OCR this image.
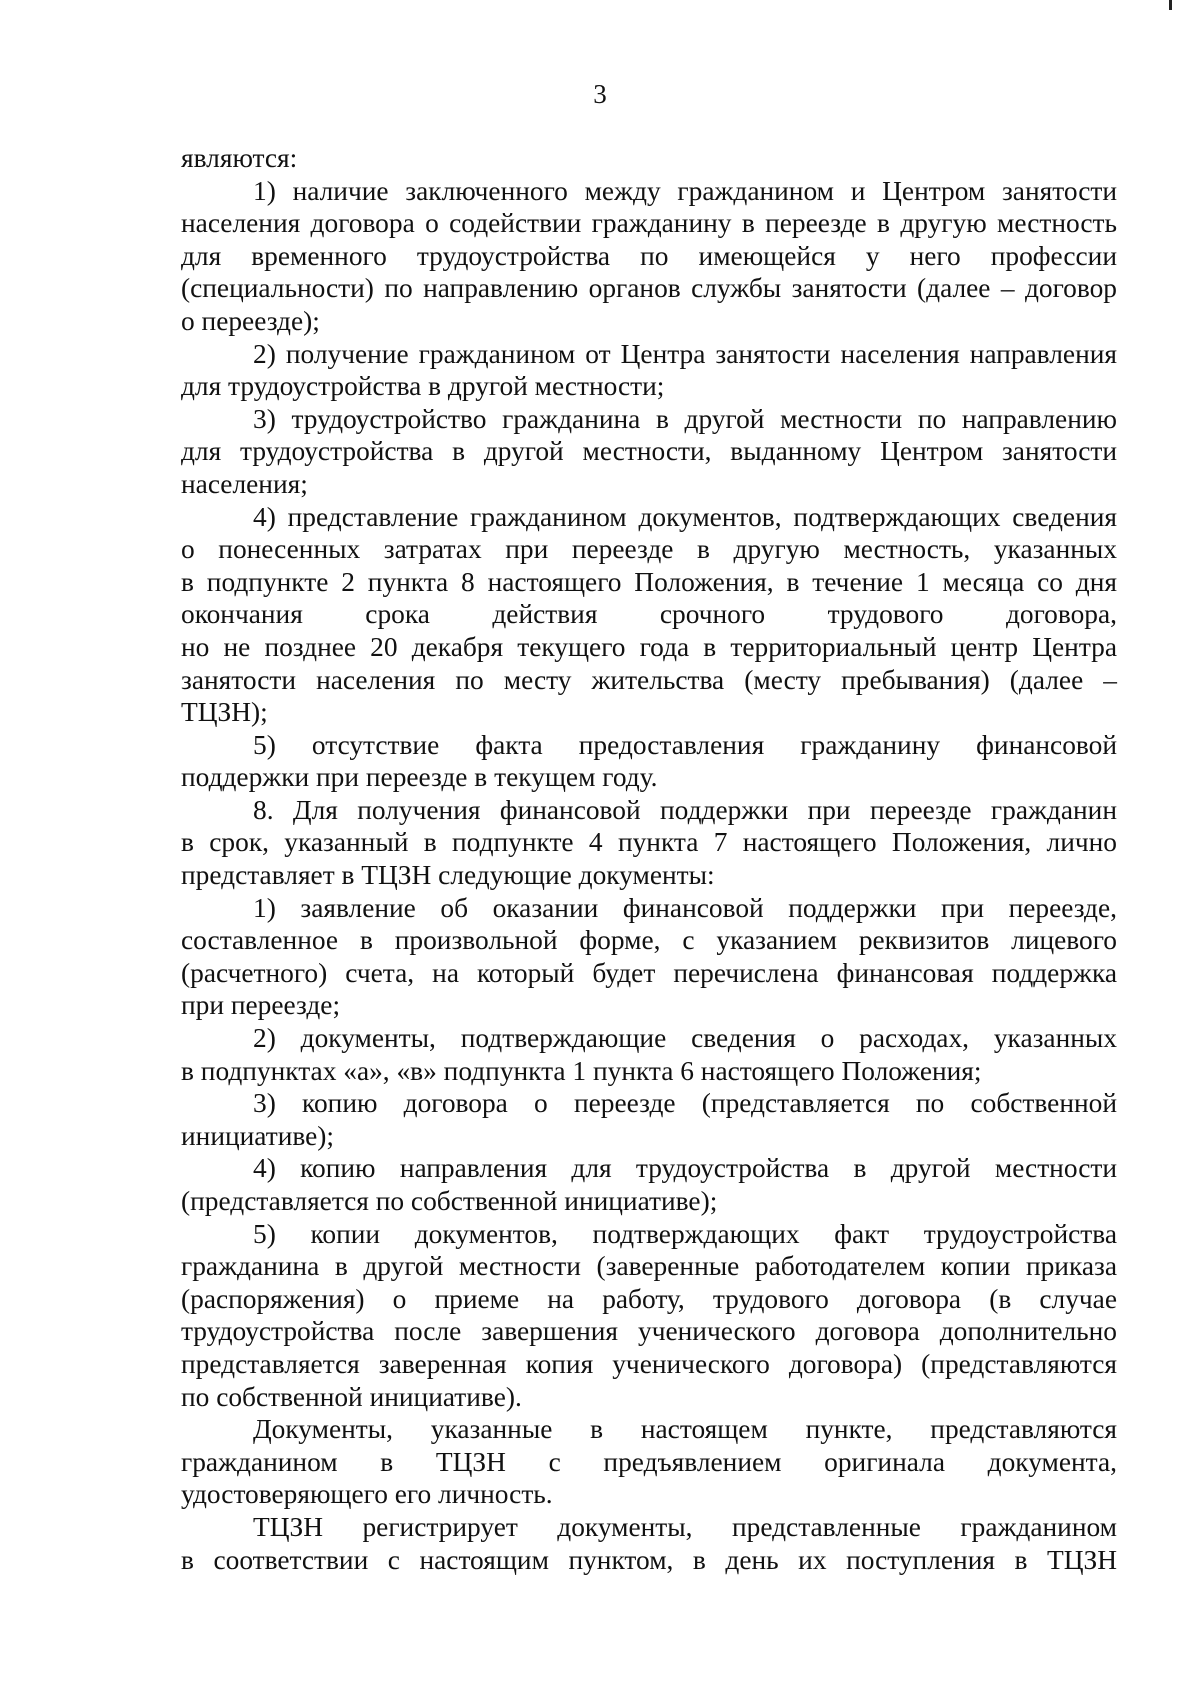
3
являются:
1) наличие заключенного между гражданином и Центром занятости
населения договора о содействии гражданину в переезде в другую местность
для временного трудоустройства по имеющейся у него профессии
(специальности) по направлению органов службы занятости (далее – договор
о переезде);
2) получение гражданином от Центра занятости населения направления
для трудоустройства в другой местности;
3) трудоустройство гражданина в другой местности по направлению
для трудоустройства в другой местности, выданному Центром занятости
населения;
4) представление гражданином документов, подтверждающих сведения
о понесенных затратах при переезде в другую местность, указанных
в подпункте 2 пункта 8 настоящего Положения, в течение 1 месяца со дня
окончания срока действия срочного трудового договора,
но не позднее 20 декабря текущего года в территориальный центр Центра
занятости населения по месту жительства (месту пребывания) (далее –
ТЦЗН);
5) отсутствие факта предоставления гражданину финансовой
поддержки при переезде в текущем году.
8. Для получения финансовой поддержки при переезде гражданин
в срок, указанный в подпункте 4 пункта 7 настоящего Положения, лично
представляет в ТЦЗН следующие документы:
1) заявление об оказании финансовой поддержки при переезде,
составленное в произвольной форме, с указанием реквизитов лицевого
(расчетного) счета, на который будет перечислена финансовая поддержка
при переезде;
2) документы, подтверждающие сведения о расходах, указанных
в подпунктах «а», «в» подпункта 1 пункта 6 настоящего Положения;
3) копию договора о переезде (представляется по собственной
инициативе);
4) копию направления для трудоустройства в другой местности
(представляется по собственной инициативе);
5) копии документов, подтверждающих факт трудоустройства
гражданина в другой местности (заверенные работодателем копии приказа
(распоряжения) о приеме на работу, трудового договора (в случае
трудоустройства после завершения ученического договора дополнительно
представляется заверенная копия ученического договора) (представляются
по собственной инициативе).
Документы, указанные в настоящем пункте, представляются
гражданином в ТЦЗН с предъявлением оригинала документа,
удостоверяющего его личность.
ТЦЗН регистрирует документы, представленные гражданином
в соответствии с настоящим пунктом, в день их поступления в ТЦЗН
